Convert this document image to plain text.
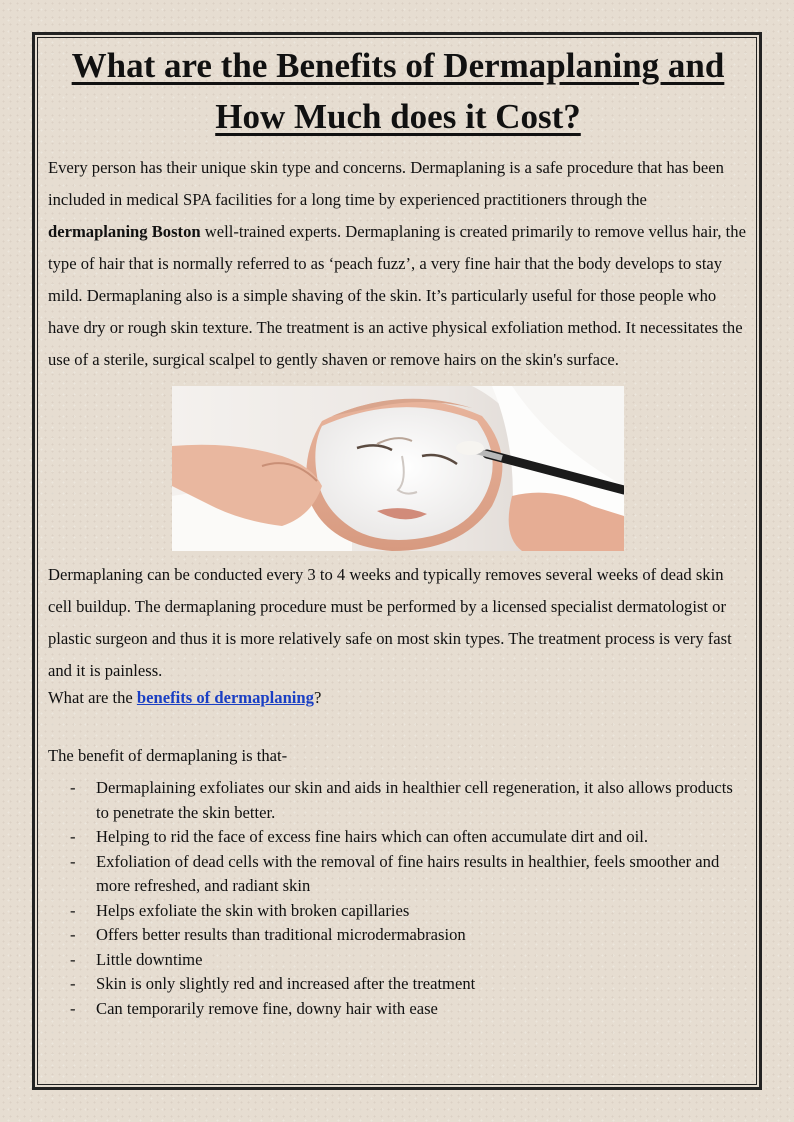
What are the Benefits of Dermaplaning and How Much does it Cost?

Every person has their unique skin type and concerns. Dermaplaning is a safe procedure that has been included in medical SPA facilities for a long time by experienced practitioners through the dermaplaning Boston well-trained experts. Dermaplaning is created primarily to remove vellus hair, the type of hair that is normally referred to as ‘peach fuzz’, a very fine hair that the body develops to stay mild. Dermaplaning also is a simple shaving of the skin. It’s particularly useful for those people who have dry or rough skin texture. The treatment is an active physical exfoliation method. It necessitates the use of a sterile, surgical scalpel to gently shaven or remove hairs on the skin's surface.

Dermaplaning can be conducted every 3 to 4 weeks and typically removes several weeks of dead skin cell buildup. The dermaplaning procedure must be performed by a licensed specialist dermatologist or plastic surgeon and thus it is more relatively safe on most skin types. The treatment process is very fast and it is painless.

What are the benefits of dermaplaning?

The benefit of dermaplaning is that-

- Dermaplaining exfoliates our skin and aids in healthier cell regeneration, it also allows products to penetrate the skin better.
- Helping to rid the face of excess fine hairs which can often accumulate dirt and oil.
- Exfoliation of dead cells with the removal of fine hairs results in healthier, feels smoother and more refreshed, and radiant skin
- Helps exfoliate the skin with broken capillaries
- Offers better results than traditional microdermabrasion
- Little downtime
- Skin is only slightly red and increased after the treatment
- Can temporarily remove fine, downy hair with ease
